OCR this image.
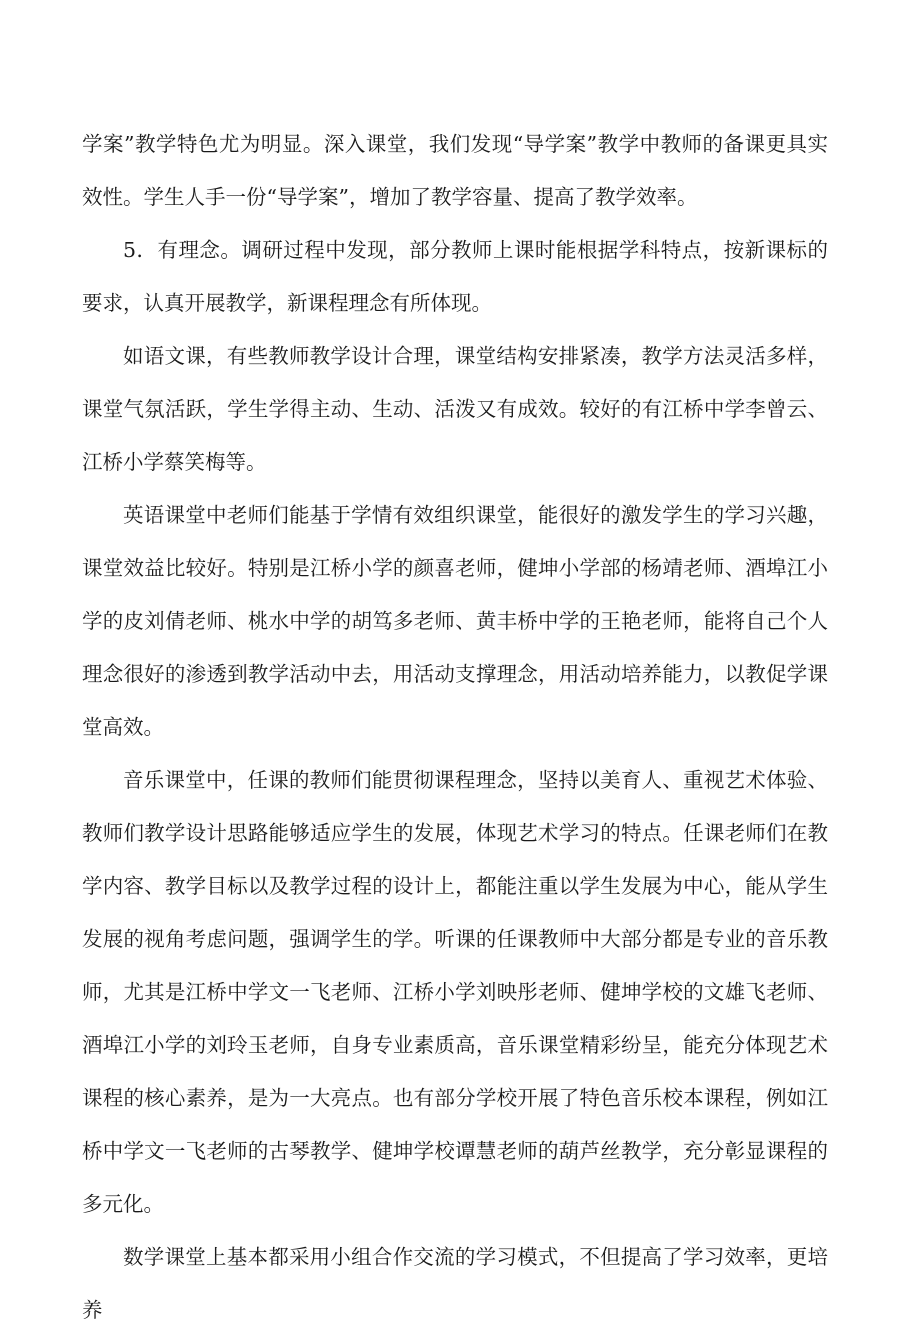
学案”教学特色尤为明显。深入课堂，我们发现“导学案”教学中教师的备课更具实效性。学生人手一份“导学案”，增加了教学容量、提高了教学效率。

5．有理念。调研过程中发现，部分教师上课时能根据学科特点，按新课标的要求，认真开展教学，新课程理念有所体现。

如语文课，有些教师教学设计合理，课堂结构安排紧凑，教学方法灵活多样，课堂气氛活跃，学生学得主动、生动、活泼又有成效。较好的有江桥中学李曾云、江桥小学蔡笑梅等。

英语课堂中老师们能基于学情有效组织课堂，能很好的激发学生的学习兴趣，课堂效益比较好。特别是江桥小学的颜喜老师，健坤小学部的杨靖老师、酒埠江小学的皮刘倩老师、桃水中学的胡笃多老师、黄丰桥中学的王艳老师，能将自己个人理念很好的渗透到教学活动中去，用活动支撑理念，用活动培养能力，以教促学课堂高效。

音乐课堂中，任课的教师们能贯彻课程理念，坚持以美育人、重视艺术体验、教师们教学设计思路能够适应学生的发展，体现艺术学习的特点。任课老师们在教学内容、教学目标以及教学过程的设计上，都能注重以学生发展为中心，能从学生发展的视角考虑问题，强调学生的学。听课的任课教师中大部分都是专业的音乐教师，尤其是江桥中学文一飞老师、江桥小学刘映彤老师、健坤学校的文雄飞老师、酒埠江小学的刘玲玉老师，自身专业素质高，音乐课堂精彩纷呈，能充分体现艺术课程的核心素养，是为一大亮点。也有部分学校开展了特色音乐校本课程，例如江桥中学文一飞老师的古琴教学、健坤学校谭慧老师的葫芦丝教学，充分彰显课程的多元化。

数学课堂上基本都采用小组合作交流的学习模式，不但提高了学习效率，更培养
